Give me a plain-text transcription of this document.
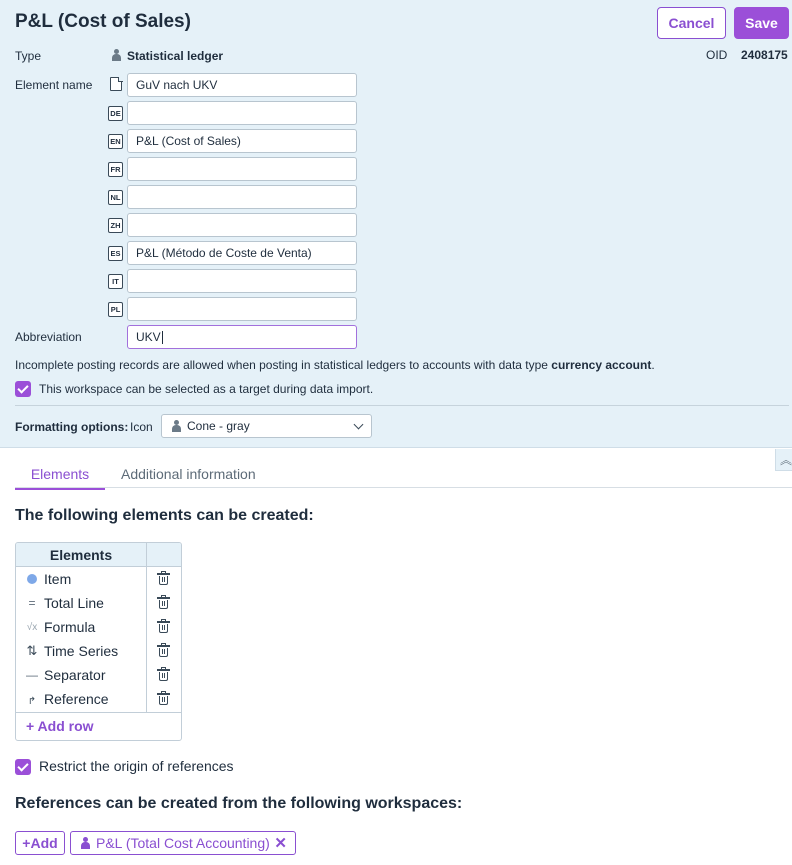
P&L (Cost of Sales)	Cancel	Save
Type	Statistical ledger	OID 2408175
Element name	GuV nach UKV
DE
EN	P&L (Cost of Sales)
FR
NL
ZH
ES	P&L (Método de Coste de Venta)
IT
PL
Abbreviation	UKV
Incomplete posting records are allowed when posting in statistical ledgers to accounts with data type currency account.
This workspace can be selected as a target during data import.
Formatting options: Icon	Cone - gray
︽
Elements	Additional information
The following elements can be created:
Elements
Item
= Total Line
√x Formula
⇅ Time Series
— Separator
↱ Reference
+ Add row
Restrict the origin of references
References can be created from the following workspaces:
+ Add	P&L (Total Cost Accounting) ✕
